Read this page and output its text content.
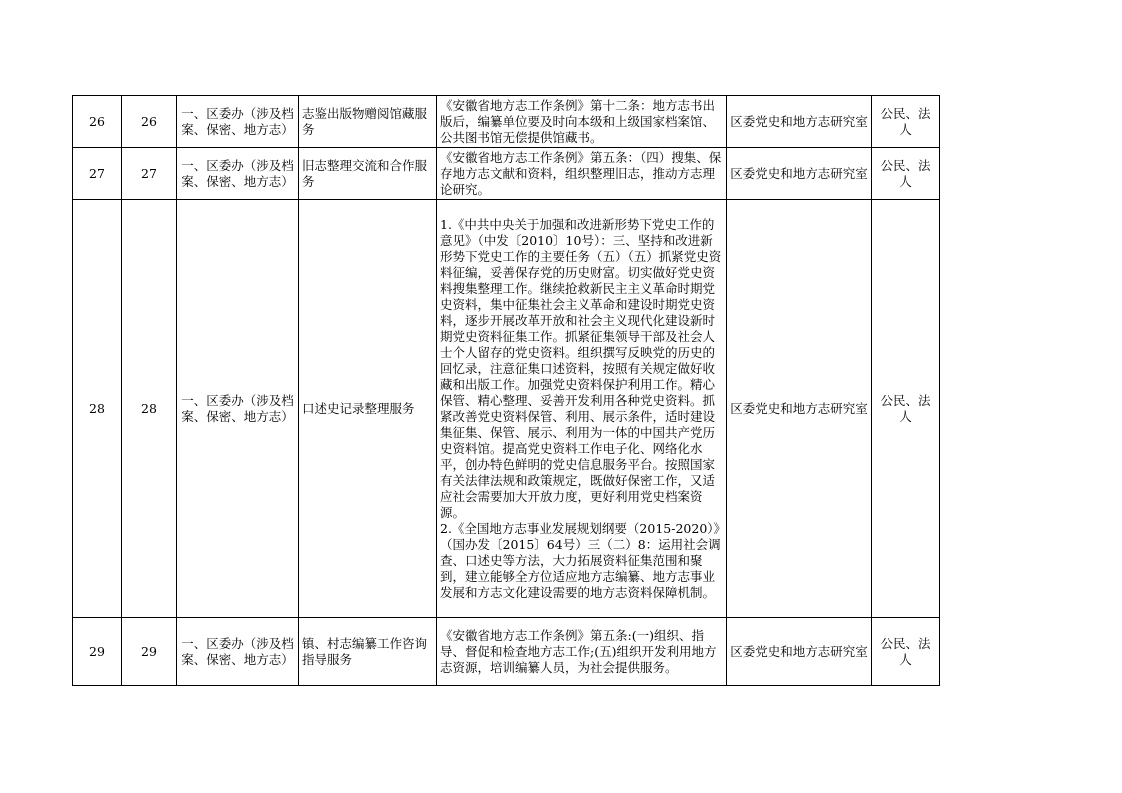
26	26	一、区委办（涉及档案、保密、地方志）	志鉴出版物赠阅馆藏服务	《安徽省地方志工作条例》第十二条：地方志书出版后，编纂单位要及时向本级和上级国家档案馆、公共图书馆无偿提供馆藏书。	区委党史和地方志研究室	公民、法人
27	27	一、区委办（涉及档案、保密、地方志）	旧志整理交流和合作服务	《安徽省地方志工作条例》第五条：（四）搜集、保存地方志文献和资料，组织整理旧志，推动方志理论研究。	区委党史和地方志研究室	公民、法人
28	28	一、区委办（涉及档案、保密、地方志）	口述史记录整理服务	1.《中共中央关于加强和改进新形势下党史工作的意见》（中发〔2010〕10号）：三、坚持和改进新形势下党史工作的主要任务（五）（五）抓紧党史资料征编，妥善保存党的历史财富。切实做好党史资料搜集整理工作。继续抢救新民主主义革命时期党史资料，集中征集社会主义革命和建设时期党史资料，逐步开展改革开放和社会主义现代化建设新时期党史资料征集工作。抓紧征集领导干部及社会人士个人留存的党史资料。组织撰写反映党的历史的回忆录，注意征集口述资料，按照有关规定做好收藏和出版工作。加强党史资料保护利用工作。精心保管、精心整理、妥善开发利用各种党史资料。抓紧改善党史资料保管、利用、展示条件，适时建设集征集、保管、展示、利用为一体的中国共产党历史资料馆。提高党史资料工作电子化、网络化水平，创办特色鲜明的党史信息服务平台。按照国家有关法律法规和政策规定，既做好保密工作，又适应社会需要加大开放力度，更好利用党史档案资源。
2.《全国地方志事业发展规划纲要（2015-2020）》（国办发〔2015〕64号）三（二）8：运用社会调查、口述史等方法，大力拓展资料征集范围和聚到，建立能够全方位适应地方志编纂、地方志事业发展和方志文化建设需要的地方志资料保障机制。	区委党史和地方志研究室	公民、法人
29	29	一、区委办（涉及档案、保密、地方志）	镇、村志编纂工作咨询指导服务	《安徽省地方志工作条例》第五条:(一)组织、指导、督促和检查地方志工作;(五)组织开发利用地方志资源，培训编纂人员，为社会提供服务。	区委党史和地方志研究室	公民、法人
